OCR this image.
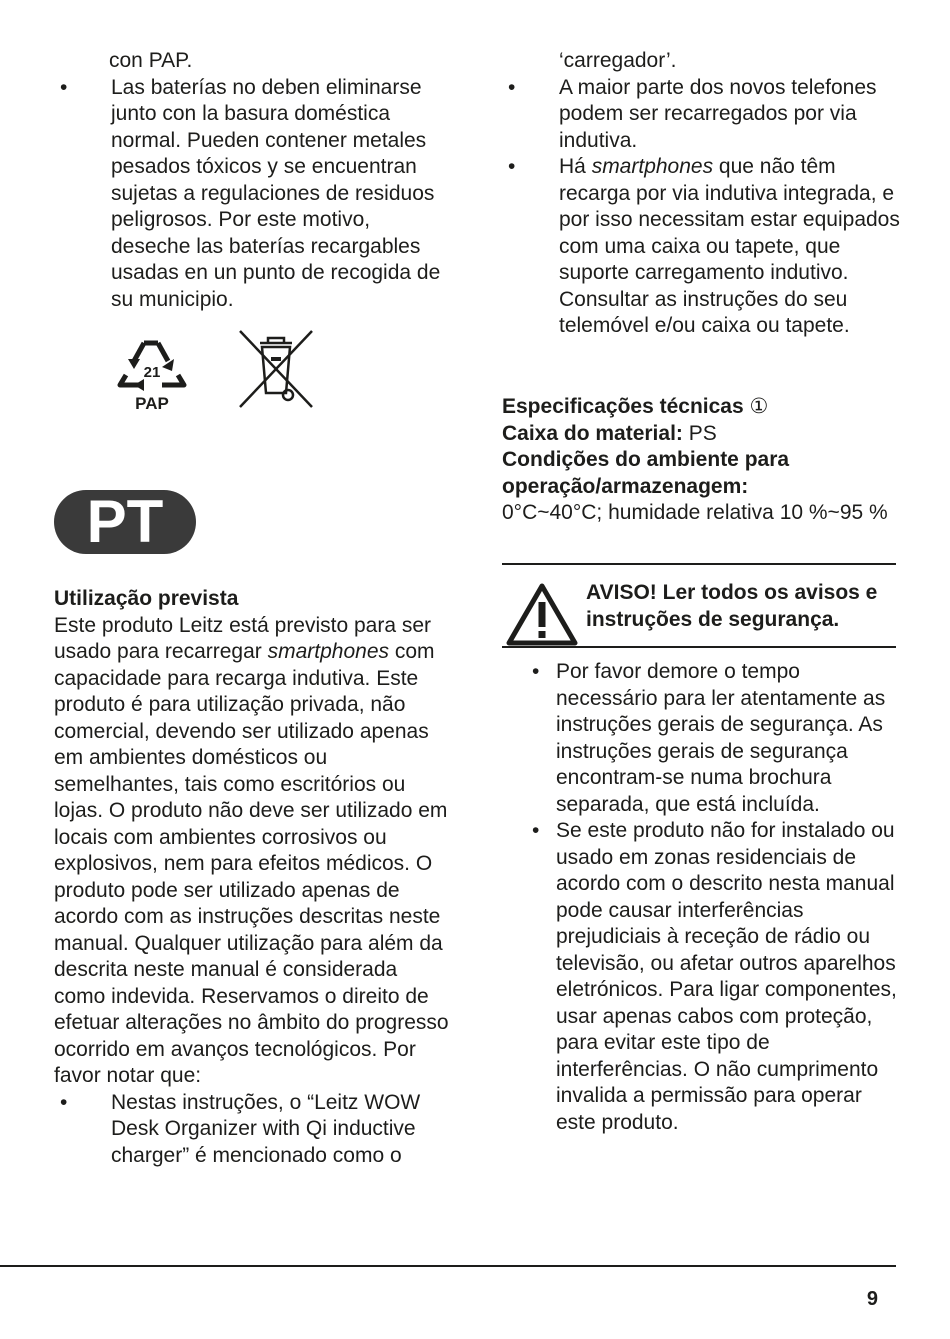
con PAP.

• Las baterías no deben eliminarse junto con la basura doméstica normal. Pueden contener metales pesados tóxicos y se encuentran sujetas a regulaciones de residuos peligrosos. Por este motivo, deseche las baterías recargables usadas en un punto de recogida de su municipio.
21
PAP
PT

Utilização prevista

Este produto Leitz está previsto para ser usado para recarregar smartphones com capacidade para recarga indutiva. Este produto é para utilização privada, não comercial, devendo ser utilizado apenas em ambientes domésticos ou semelhantes, tais como escritórios ou lojas. O produto não deve ser utilizado em locais com ambientes corrosivos ou explosivos, nem para efeitos médicos. O produto pode ser utilizado apenas de acordo com as instruções descritas neste manual. Qualquer utilização para além da descrita neste manual é considerada como indevida. Reservamos o direito de efetuar alterações no âmbito do progresso ocorrido em avanços tecnológicos. Por favor notar que:

• Nestas instruções, o “Leitz WOW Desk Organizer with Qi inductive charger” é mencionado como o

‘carregador’.

• A maior parte dos novos telefones podem ser recarregados por via indutiva.
• Há smartphones que não têm recarga por via indutiva integrada, e por isso necessitam estar equipados com uma caixa ou tapete, que suporte carregamento indutivo. Consultar as instruções do seu telemóvel e/ou caixa ou tapete.

Especificações técnicas ①

Caixa do material: PS

Condições do ambiente para operação/armazenagem:

0°C~40°C; humidade relativa 10 %~95 %

AVISO! Ler todos os avisos e instruções de segurança.

• Por favor demore o tempo necessário para ler atentamente as instruções gerais de segurança. As instruções gerais de segurança encontram-se numa brochura separada, que está incluída.
• Se este produto não for instalado ou usado em zonas residenciais de acordo com o descrito nesta manual pode causar interferências prejudiciais à receção de rádio ou televisão, ou afetar outros aparelhos eletrónicos. Para ligar componentes, usar apenas cabos com proteção, para evitar este tipo de interferências. O não cumprimento invalida a permissão para operar este produto.
9
